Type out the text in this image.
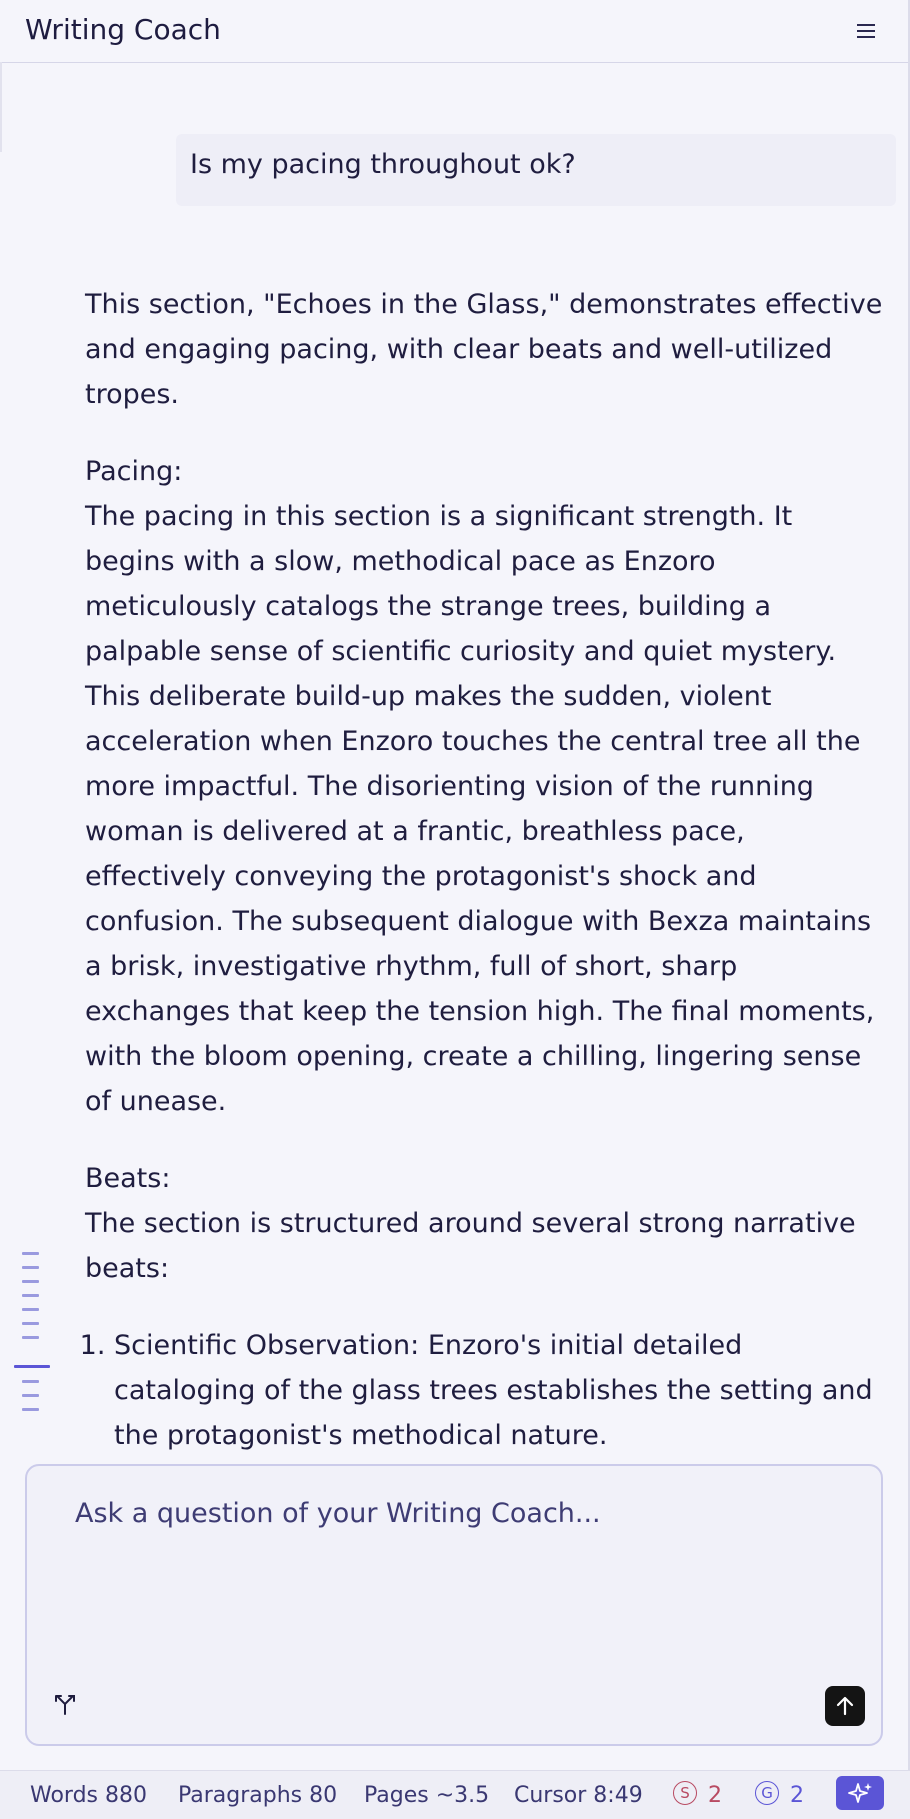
Writing Coach
Is my pacing throughout ok?

This section, "Echoes in the Glass," demonstrates effective and engaging pacing, with clear beats and well-utilized tropes.

Pacing:
The pacing in this section is a significant strength. It begins with a slow, methodical pace as Enzoro meticulously catalogs the strange trees, building a palpable sense of scientific curiosity and quiet mystery. This deliberate build-up makes the sudden, violent acceleration when Enzoro touches the central tree all the more impactful. The disorienting vision of the running woman is delivered at a frantic, breathless pace, effectively conveying the protagonist's shock and confusion. The subsequent dialogue with Bexza maintains a brisk, investigative rhythm, full of short, sharp exchanges that keep the tension high. The final moments, with the bloom opening, create a chilling, lingering sense of unease.

Beats:
The section is structured around several strong narrative beats:

1. Scientific Observation: Enzoro's initial detailed cataloging of the glass trees establishes the setting and the protagonist's methodical nature.
2.
Ask a question of your Writing Coach...
Words 880 Paragraphs 80 Pages ~3.5 Cursor 8:49	S 2	G 2
